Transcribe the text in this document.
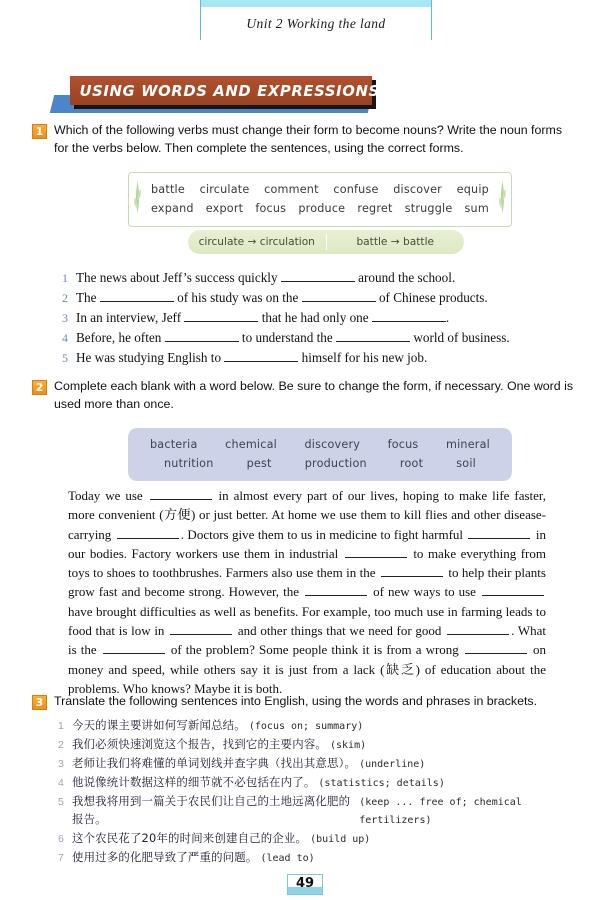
Unit 2 Working the land
USING WORDS AND EXPRESSIONS
1 Which of the following verbs must change their form to become nouns? Write the noun forms for the verbs below. Then complete the sentences, using the correct forms.
battle circulate comment confuse discover equip
expand export focus produce regret struggle sum
circulate → circulation	battle → battle
1 The news about Jeff’s success quickly	around the school.
2 The	of his study was on the	of Chinese products.
3 In an interview, Jeff	that he had only one	.
4 Before, he often	to understand the	world of business.
5 He was studying English to	himself for his new job.
2 Complete each blank with a word below. Be sure to change the form, if necessary. One word is used more than once.
bacteria chemical discovery focus mineral
nutrition	pest	production	root	soil
Today we use	in almost every part of our lives, hoping to make life faster, more convenient (方便) or just better. At home we use them to kill flies and other disease-carrying	. Doctors give them to us in medicine to fight harmful	in our bodies. Factory workers use them in industrial	to make everything from toys to shoes to toothbrushes. Farmers also use them in the	to help their plants grow fast and become strong. However, the	of new ways to use  have brought difficulties as well as benefits. For example, too much use in farming leads to food that is low in	and other things that we need for good	. What is the	of the problem? Some people think it is from a wrong	on money and speed, while others say it is just from a lack (缺乏) of education about the problems. Who knows? Maybe it is both.
3 Translate the following sentences into English, using the words and phrases in brackets.
1 今天的课主要讲如何写新闻总结。 (focus on; summary)
2 我们必须快速浏览这个报告，找到它的主要内容。 (skim)
3 老师让我们将难懂的单词划线并查字典（找出其意思）。 (underline)
4 他说像统计数据这样的细节就不必包括在内了。 (statistics; details)
5 我想我将用到一篇关于农民们让自己的土地远离化肥的报告。
(keep ... free of; chemical fertilizers)
6 这个农民花了20年的时间来创建自己的企业。 (build up)
7 使用过多的化肥导致了严重的问题。 (lead to)
49
